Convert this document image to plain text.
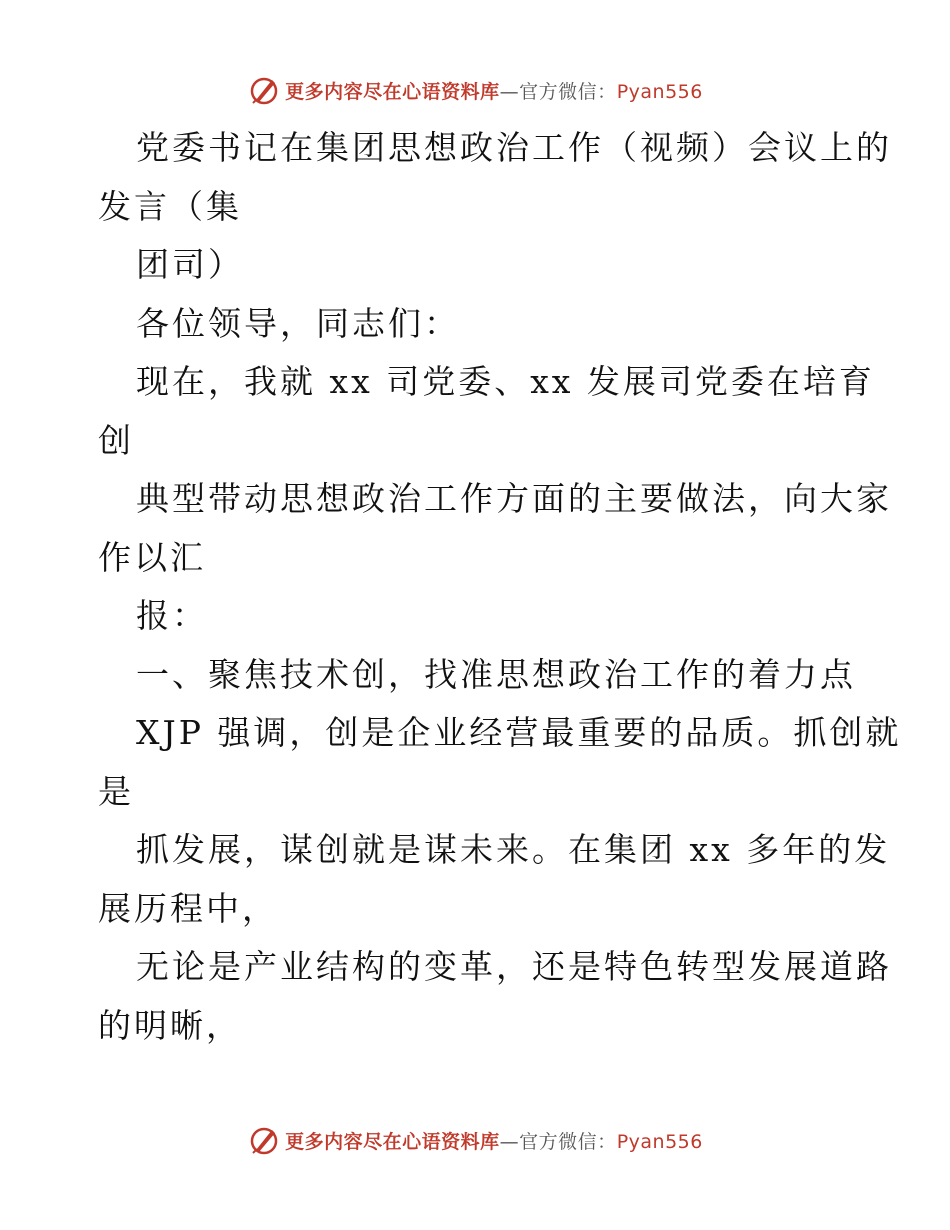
更多内容尽在心语资料库—官方微信：Pyan556
党委书记在集团思想政治工作（视频）会议上的
发言（集
团司）
各位领导，同志们：
现在，我就 xx 司党委、xx 发展司党委在培育
创
典型带动思想政治工作方面的主要做法，向大家
作以汇
报：
一、聚焦技术创，找准思想政治工作的着力点
XJP 强调，创是企业经营最重要的品质。抓创就
是
抓发展，谋创就是谋未来。在集团 xx 多年的发
展历程中，
无论是产业结构的变革，还是特色转型发展道路
的明晰，
更多内容尽在心语资料库—官方微信：Pyan556
